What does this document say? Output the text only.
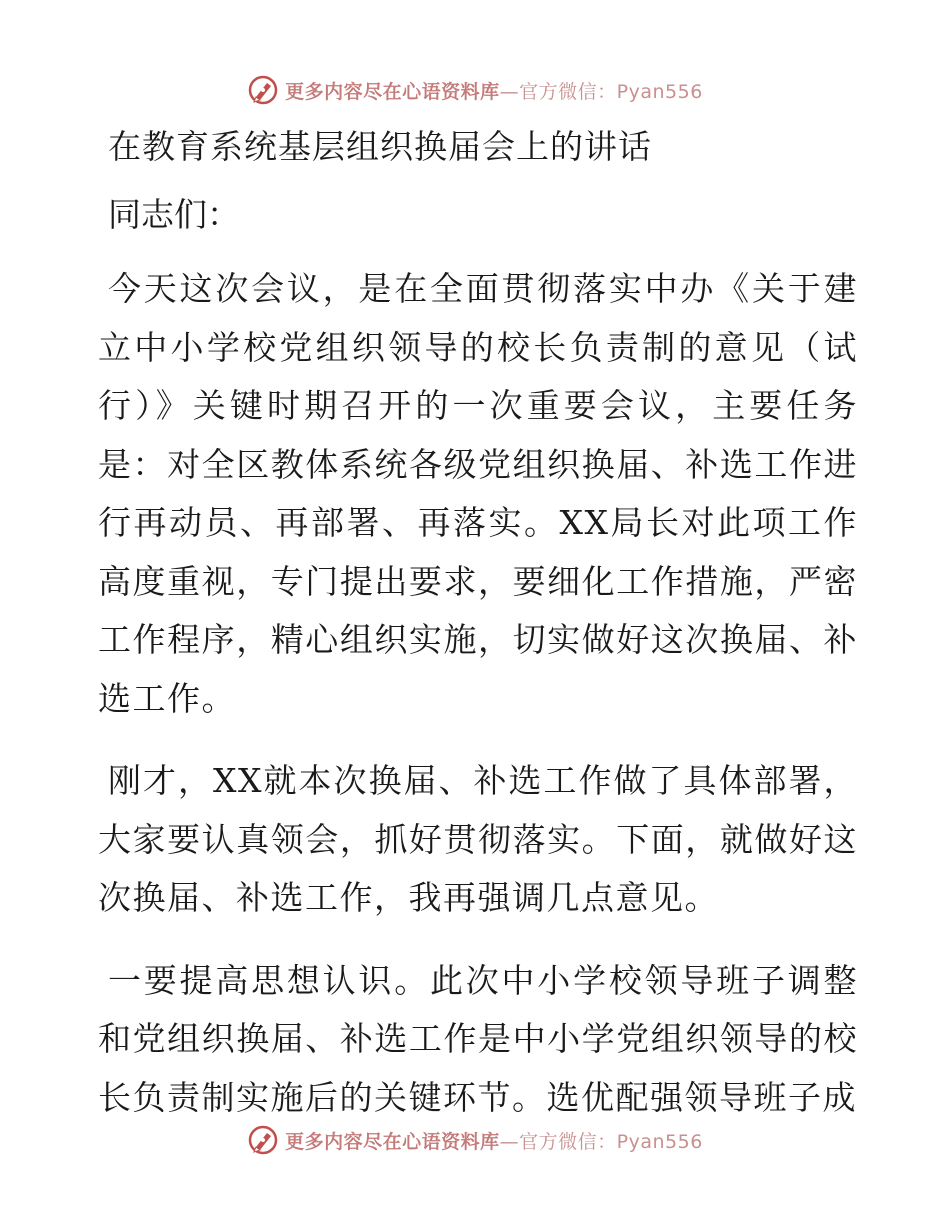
更多内容尽在心语资料库—官方微信：Pyan556
在教育系统基层组织换届会上的讲话

同志们：

今天这次会议，是在全面贯彻落实中办《关于建立中小学校党组织领导的校长负责制的意见（试行）》关键时期召开的一次重要会议，主要任务是：对全区教体系统各级党组织换届、补选工作进行再动员、再部署、再落实。XX局长对此项工作高度重视，专门提出要求，要细化工作措施，严密工作程序，精心组织实施，切实做好这次换届、补选工作。

刚才，XX就本次换届、补选工作做了具体部署，大家要认真领会，抓好贯彻落实。下面，就做好这次换届、补选工作，我再强调几点意见。

一要提高思想认识。此次中小学校领导班子调整和党组织换届、补选工作是中小学党组织领导的校长负责制实施后的关键环节。选优配强领导班子成

更多内容尽在心语资料库—官方微信：Pyan556
